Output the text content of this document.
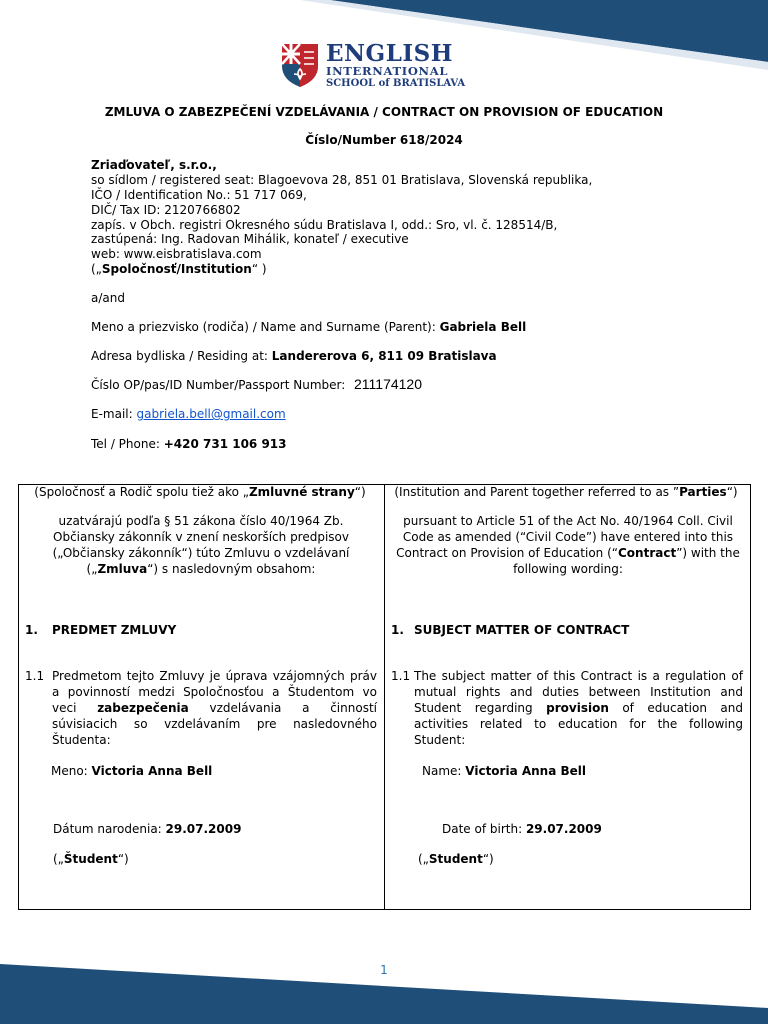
ENGLISH
INTERNATIONAL
SCHOOL of BRATISLAVA
ZMLUVA O ZABEZPEČENÍ VZDELÁVANIA / CONTRACT ON PROVISION OF EDUCATION
Číslo/Number 618/2024
Zriaďovateľ, s.r.o.,
so sídlom / registered seat: Blagoevova 28, 851 01 Bratislava, Slovenská republika,
IČO / Identification No.: 51 717 069,
DIČ/ Tax ID: 2120766802
zapís. v Obch. registri Okresného súdu Bratislava I, odd.: Sro, vl. č. 128514/B,
zastúpená: Ing. Radovan Mihálik, konateľ / executive
web: www.eisbratislava.com
(„Spoločnosť/Institution“ )
a/and
Meno a priezvisko (rodiča) / Name and Surname (Parent): Gabriela Bell
Adresa bydliska / Residing at: Landererova 6, 811 09 Bratislava
Číslo OP/pas/ID Number/Passport Number: 211174120
E-mail: gabriela.bell@gmail.com
Tel / Phone: +420 731 106 913
(Spoločnosť a Rodič spolu tiež ako „Zmluvné strany“)
uzatvárajú podľa § 51 zákona číslo 40/1964 Zb. Občiansky zákonník v znení neskorších predpisov („Občiansky zákonník“) túto Zmluvu o vzdelávaní („Zmluva“) s nasledovným obsahom:
1. PREDMET ZMLUVY
1.1 Predmetom tejto Zmluvy je úprava vzájomných práv a povinností medzi Spoločnosťou a Študentom vo veci zabezpečenia vzdelávania a činností súvisiacich so vzdelávaním pre nasledovného Študenta:
Meno: Victoria Anna Bell
Dátum narodenia: 29.07.2009
(„Študent“)
(Institution and Parent together referred to as ”Parties“)
pursuant to Article 51 of the Act No. 40/1964 Coll. Civil Code as amended (“Civil Code”) have entered into this Contract on Provision of Education (“Contract”) with the following wording:
1. SUBJECT MATTER OF CONTRACT
1.1 The subject matter of this Contract is a regulation of mutual rights and duties between Institution and Student regarding provision of education and activities related to education for the following Student:
Name: Victoria Anna Bell
Date of birth: 29.07.2009
(„Student“)
1
